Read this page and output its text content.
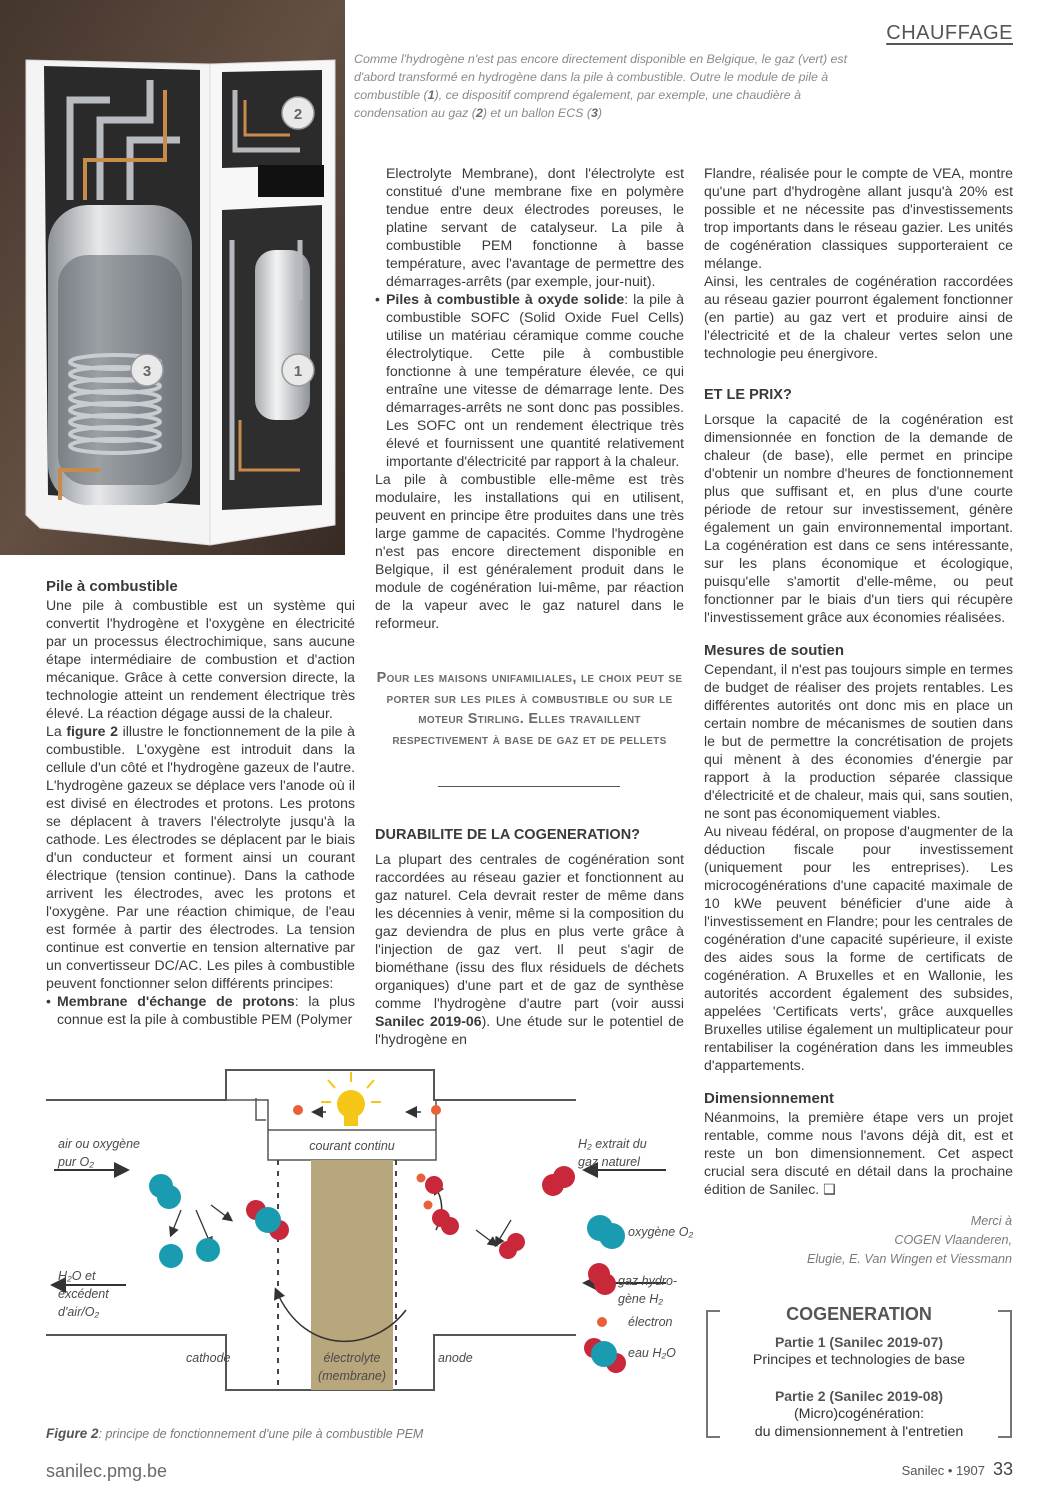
CHAUFFAGE
2
3	1
Comme l'hydrogène n'est pas encore directement disponible en Belgique, le gaz (vert) est d'abord transformé en hydrogène dans la pile à combustible. Outre le module de pile à combustible (1), ce dispositif comprend également, par exemple, une chaudière à condensation au gaz (2) et un ballon ECS (3)

Pile à combustible

Une pile à combustible est un système qui convertit l'hydrogène et l'oxygène en électricité par un processus électrochimique, sans aucune étape intermédiaire de combustion et d'action mécanique. Grâce à cette conversion directe, la technologie atteint un rendement électrique très élevé. La réaction dégage aussi de la chaleur.

La figure 2 illustre le fonctionnement de la pile à combustible. L'oxygène est introduit dans la cellule d'un côté et l'hydrogène gazeux de l'autre. L'hydrogène gazeux se déplace vers l'anode où il est divisé en électrodes et protons. Les protons se déplacent à travers l'électrolyte jusqu'à la cathode. Les électrodes se déplacent par le biais d'un conducteur et forment ainsi un courant électrique (tension continue). Dans la cathode arrivent les électrodes, avec les protons et l'oxygène. Par une réaction chimique, de l'eau est formée à partir des électrodes. La tension continue est convertie en tension alternative par un convertisseur DC/AC. Les piles à combustible peuvent fonctionner selon différents principes:

• Membrane d'échange de protons: la plus connue est la pile à combustible PEM (Polymer

Electrolyte Membrane), dont l'électrolyte est constitué d'une membrane fixe en polymère tendue entre deux électrodes poreuses, le platine servant de catalyseur. La pile à combustible PEM fonctionne à basse température, avec l'avantage de permettre des démarrages-arrêts (par exemple, jour-nuit).

• Piles à combustible à oxyde solide: la pile à combustible SOFC (Solid Oxide Fuel Cells) utilise un matériau céramique comme couche électrolytique. Cette pile à combustible fonctionne à une température élevée, ce qui entraîne une vitesse de démarrage lente. Des démarrages-arrêts ne sont donc pas possibles. Les SOFC ont un rendement électrique très élevé et fournissent une quantité relativement importante d'électricité par rapport à la chaleur.

La pile à combustible elle-même est très modulaire, les installations qui en utilisent, peuvent en principe être produites dans une très large gamme de capacités. Comme l'hydrogène n'est pas encore directement disponible en Belgique, il est généralement produit dans le module de cogénération lui-même, par réaction de la vapeur avec le gaz naturel dans le reformeur.

Pour les maisons unifamiliales, le choix peut se porter sur les piles à combustible ou sur le moteur Stirling. Elles travaillent respectivement à base de gaz et de pellets

DURABILITE DE LA COGENERATION?

La plupart des centrales de cogénération sont raccordées au réseau gazier et fonctionnent au gaz naturel. Cela devrait rester de même dans les décennies à venir, même si la composition du gaz deviendra de plus en plus verte grâce à l'injection de gaz vert. Il peut s'agir de biométhane (issu des flux résiduels de déchets organiques) d'une part et de gaz de synthèse comme l'hydrogène d'autre part (voir aussi Sanilec 2019-06). Une étude sur le potentiel de l'hydrogène en

Flandre, réalisée pour le compte de VEA, montre qu'une part d'hydrogène allant jusqu'à 20% est possible et ne nécessite pas d'investissements trop importants dans le réseau gazier. Les unités de cogénération classiques supporteraient ce mélange.

Ainsi, les centrales de cogénération raccordées au réseau gazier pourront également fonctionner (en partie) au gaz vert et produire ainsi de l'électricité et de la chaleur vertes selon une technologie peu énergivore.

ET LE PRIX?

Lorsque la capacité de la cogénération est dimensionnée en fonction de la demande de chaleur (de base), elle permet en principe d'obtenir un nombre d'heures de fonctionnement plus que suffisant et, en plus d'une courte période de retour sur investissement, génère également un gain environnemental important. La cogénération est dans ce sens intéressante, sur les plans économique et écologique, puisqu'elle s'amortit d'elle-même, ou peut fonctionner par le biais d'un tiers qui récupère l'investissement grâce aux économies réalisées.

Mesures de soutien

Cependant, il n'est pas toujours simple en termes de budget de réaliser des projets rentables. Les différentes autorités ont donc mis en place un certain nombre de mécanismes de soutien dans le but de permettre la concrétisation de projets qui mènent à des économies d'énergie par rapport à la production séparée classique d'électricité et de chaleur, mais qui, sans soutien, ne sont pas économiquement viables.

Au niveau fédéral, on propose d'augmenter de la déduction fiscale pour investissement (uniquement pour les entreprises). Les microcogénérations d'une capacité maximale de 10 kWe peuvent bénéficier d'une aide à l'investissement en Flandre; pour les centrales de cogénération d'une capacité supérieure, il existe des aides sous la forme de certificats de cogénération. A Bruxelles et en Wallonie, les autorités accordent également des subsides, appelées 'Certificats verts', grâce auxquelles Bruxelles utilise également un multiplicateur pour rentabiliser la cogénération dans les immeubles d'appartements.

Dimensionnement

Néanmoins, la première étape vers un projet rentable, comme nous l'avons déjà dit, est et reste un bon dimensionnement. Cet aspect crucial sera discuté en détail dans la prochaine édition de Sanilec. ❑

Merci à
COGEN Vlaanderen,
Elugie, E. Van Wingen et Viessmann
COGENERATION
Partie 1 (Sanilec 2019-07)
Principes et technologies de base
Partie 2 (Sanilec 2019-08)
(Micro)cogénération:
du dimensionnement à l'entretien
courant continu
air ou oxygène
pur O₂
H₂ extrait du
gaz naturel
H₂O et
excédent
d'air/O₂
cathode	électrolyte
(membrane)
anode
oxygène O₂
gaz hydro-
gène H₂
électron
eau H₂O
Figure 2: principe de fonctionnement d'une pile à combustible PEM
sanilec.pmg.be	Sanilec • 1907 33
